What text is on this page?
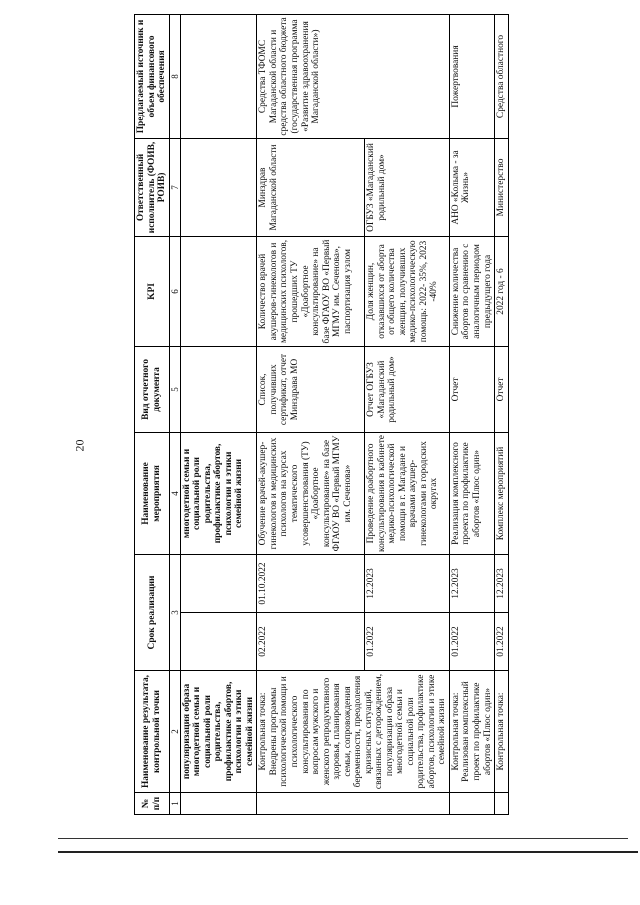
20
№ п/п	Наименование результата, контрольной точки	Срок реализации		Наименование мероприятия	Вид отчетного документа	KPI	Ответственный исполнитель (ФОИВ, РОИВ)	Предлагаемый источник и объем финансового обеспечения
1	2	3		4	5	6	7	8
	популяризация образа многодетной семьи и социальной роли родительства, профилактике абортов, психологии и этики семейной жизни			многодетной семьи и социальной роли родительства, профилактике абортов, психологии и этики семейной жизни				
	Контрольная точка: Внедрены программы психологической помощи и психологического консультирования по вопросам мужского и женского репродуктивного здоровья, планирования семьи, сопровождения беременности, преодоления кризисных ситуаций, связанных с деторождением, популяризации образа многодетной семьи и социальной роли родительства, профилактике абортов, психологии и этике семейной жизни	02.2022	01.10.2022	Обучение врачей-акушер-гинекологов и медицинских психологов на курсах тематического усовершенствования (ТУ) «Доабортное консультирование» на базе ФГАОУ ВО «Первый МГМУ им. Сеченова»	Список, получивших сертификат, отчет Минздрава МО	Количество врачей акушеров-гинекологов и медицинских психологов, прошедших ТУ «Доабортное консультирование» на базе ФГАОУ ВО «Первый МГМУ им. Сеченова», паспортизация узлом	Минздрав Магаданской области	Средства ТФОМС Магаданской области и средства областного бюджета (государственная программа «Развитие здравоохранения Магаданской области»)
		01.2022	12.2023	Проведение доабортного консультирования в кабинете медико-психологической помощи в г. Магадане и врачами акушер-гинекологами в городских округах	Отчет ОГБУЗ «Магаданский родильный дом»	Доля женщин, отказавшихся от аборта от общего количества женщин, получивших медико-психологическую помощь: 2022- 35%, 2023 -40%	ОГБУЗ «Магаданский родильный дом»	
	Контрольная точка: Реализован комплексный проект по профилактике абортов «Плюс один»	01.2022	12.2023	Реализация комплексного проекта по профилактике абортов «Плюс один»	Отчет	Снижение количества абортов по сравнению с аналогичным периодом предыдущего года	АНО «Колыма - за Жизнь»	Пожертвования
	Контрольная точка:	01.2022	12.2023	Комплекс мероприятий	Отчет	2022 год - 6	Министерство	Средства областного
